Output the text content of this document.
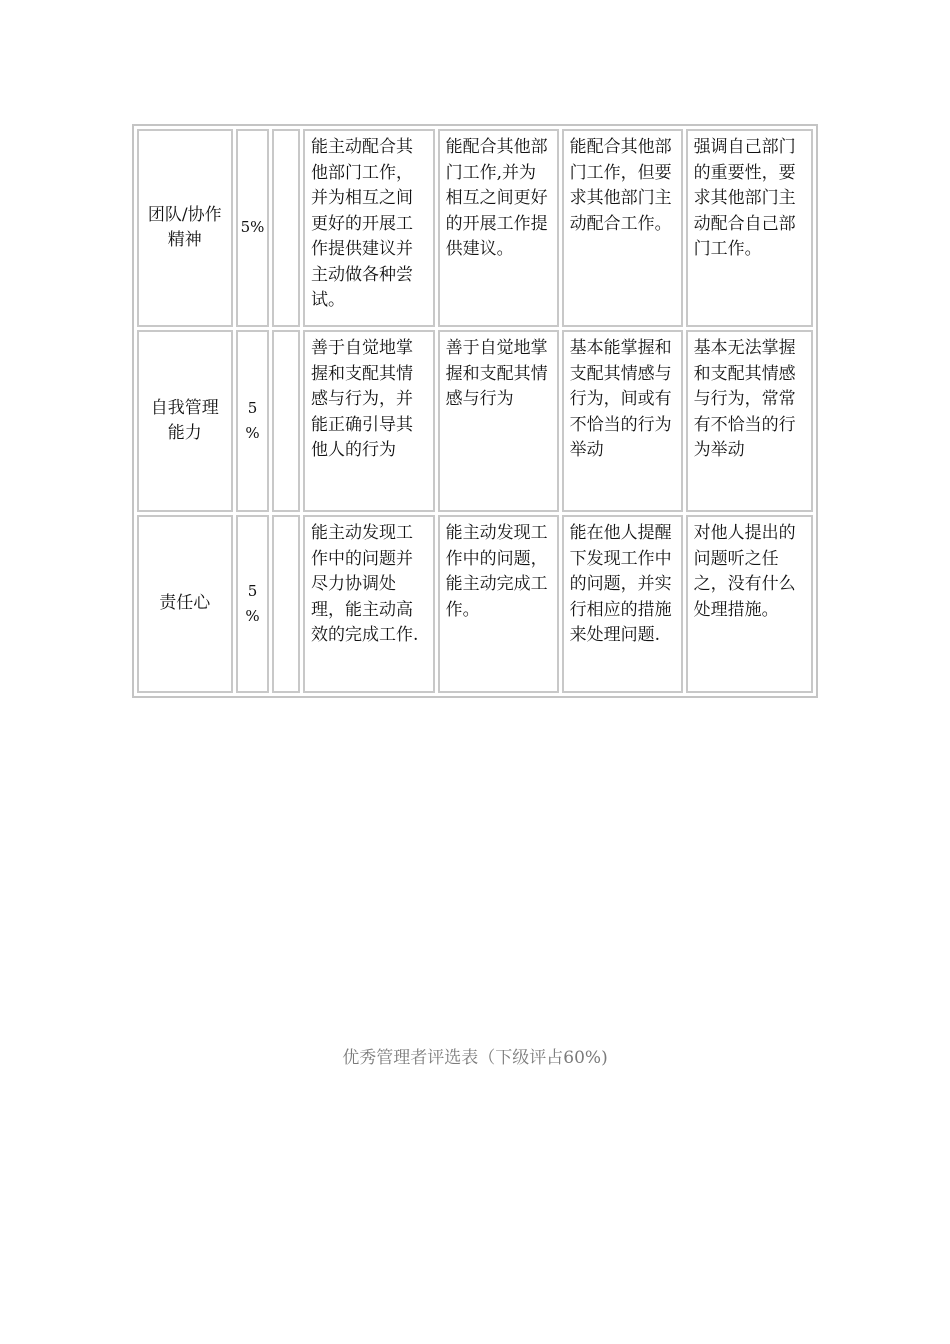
团队/协作精神	5%		能主动配合其他部门工作，并为相互之间更好的开展工作提供建议并主动做各种尝试。	能配合其他部门工作,并为相互之间更好的开展工作提供建议。	能配合其他部门工作，但要求其他部门主动配合工作。	强调自己部门的重要性，要求其他部门主动配合自己部门工作。
自我管理能力	5 %		善于自觉地掌握和支配其情感与行为，并能正确引导其他人的行为	善于自觉地掌握和支配其情感与行为	基本能掌握和支配其情感与行为，间或有不恰当的行为举动	基本无法掌握和支配其情感与行为，常常有不恰当的行为举动
责任心	5 %		能主动发现工作中的问题并尽力协调处理，能主动高效的完成工作.	能主动发现工作中的问题，能主动完成工作。	能在他人提醒下发现工作中的问题，并实行相应的措施来处理问题.	对他人提出的问题听之任之，没有什么处理措施。
优秀管理者评选表（下级评占60%)
